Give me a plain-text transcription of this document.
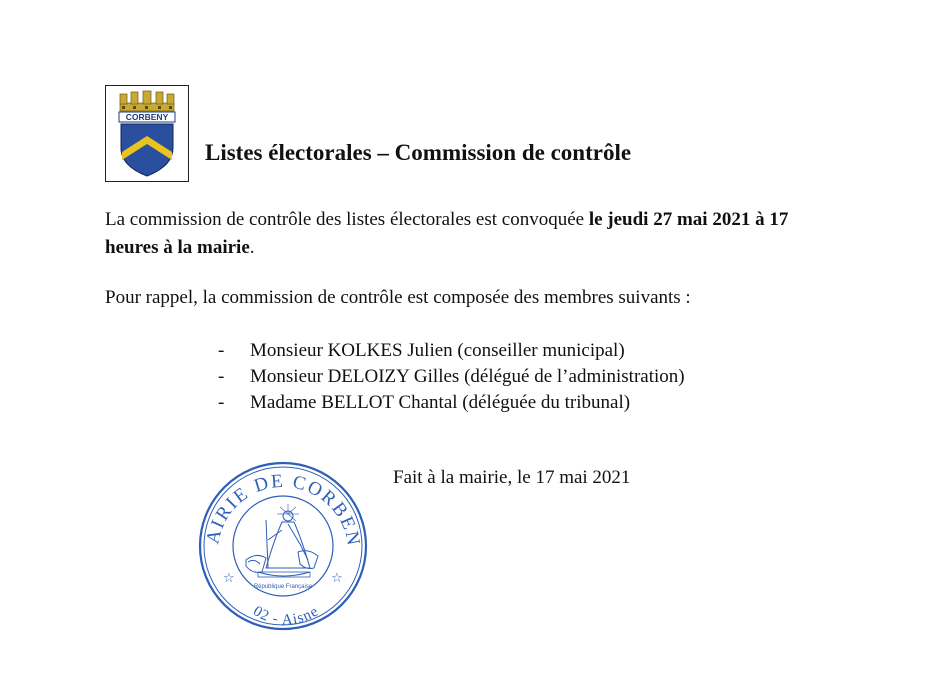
CORBENY
Listes électorales – Commission de contrôle
La commission de contrôle des listes électorales est convoquée le jeudi 27 mai 2021 à 17 heures à la mairie.
Pour rappel, la commission de contrôle est composée des membres suivants :
-	Monsieur KOLKES Julien (conseiller municipal)
-	Monsieur DELOIZY Gilles (délégué de l’administration)
-	Madame BELLOT Chantal (déléguée du tribunal)
Fait à la mairie, le 17 mai 2021
AIRIE DE CORBEN
02 - Aisne
☆	☆
République Française
